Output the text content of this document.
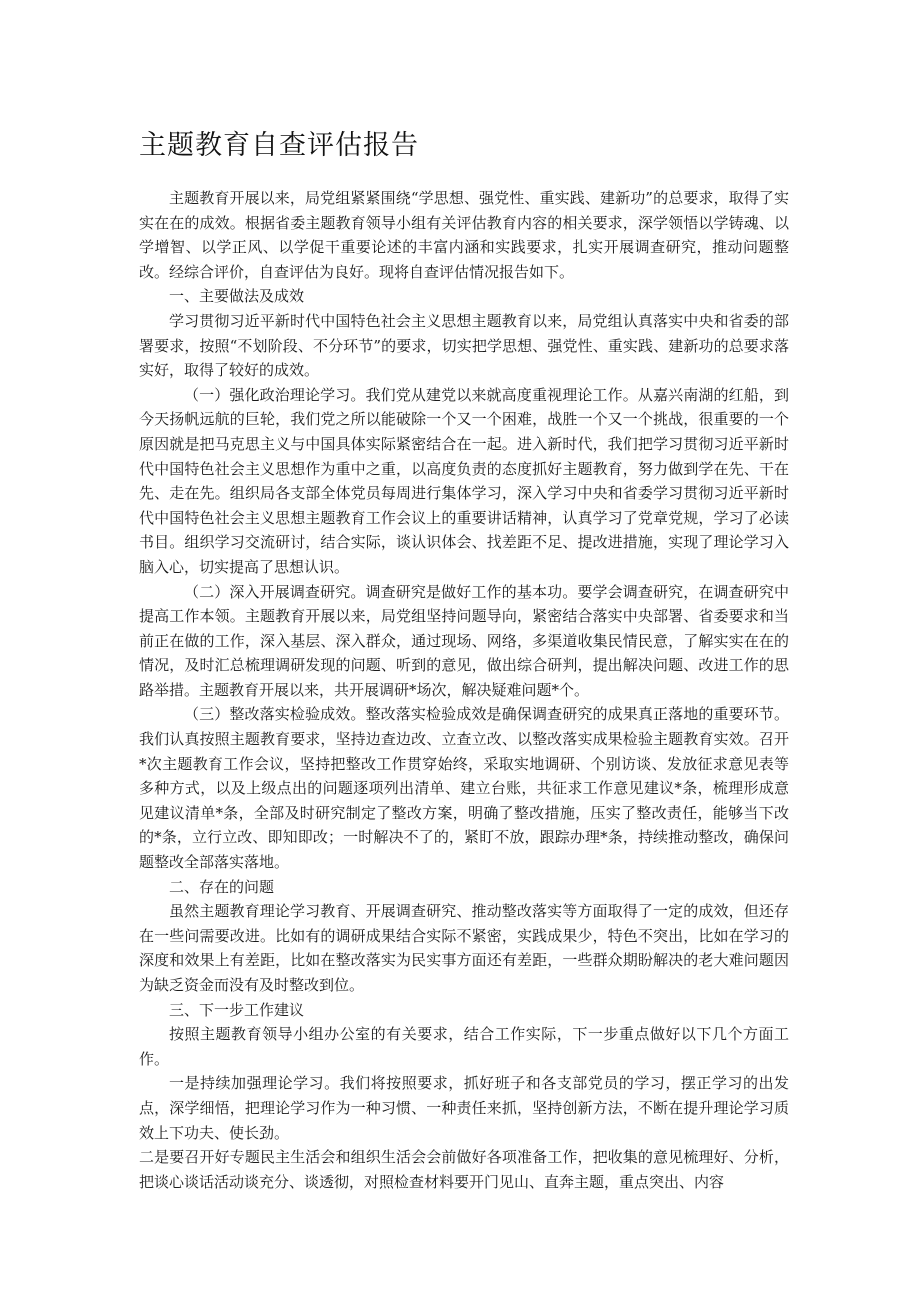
主题教育自查评估报告

主题教育开展以来，局党组紧紧围绕“学思想、强党性、重实践、建新功”的总要求，取得了实实在在的成效。根据省委主题教育领导小组有关评估教育内容的相关要求，深学领悟以学铸魂、以学增智、以学正风、以学促干重要论述的丰富内涵和实践要求，扎实开展调查研究，推动问题整改。经综合评价，自查评估为良好。现将自查评估情况报告如下。

一、主要做法及成效

学习贯彻习近平新时代中国特色社会主义思想主题教育以来，局党组认真落实中央和省委的部署要求，按照“不划阶段、不分环节”的要求，切实把学思想、强党性、重实践、建新功的总要求落实好，取得了较好的成效。

（一）强化政治理论学习。我们党从建党以来就高度重视理论工作。从嘉兴南湖的红船，到今天扬帆远航的巨轮，我们党之所以能破除一个又一个困难，战胜一个又一个挑战，很重要的一个原因就是把马克思主义与中国具体实际紧密结合在一起。进入新时代，我们把学习贯彻习近平新时代中国特色社会主义思想作为重中之重，以高度负责的态度抓好主题教育，努力做到学在先、干在先、走在先。组织局各支部全体党员每周进行集体学习，深入学习中央和省委学习贯彻习近平新时代中国特色社会主义思想主题教育工作会议上的重要讲话精神，认真学习了党章党规，学习了必读书目。组织学习交流研讨，结合实际，谈认识体会、找差距不足、提改进措施，实现了理论学习入脑入心，切实提高了思想认识。

（二）深入开展调查研究。调查研究是做好工作的基本功。要学会调查研究，在调查研究中提高工作本领。主题教育开展以来，局党组坚持问题导向，紧密结合落实中央部署、省委要求和当前正在做的工作，深入基层、深入群众，通过现场、网络，多渠道收集民情民意，了解实实在在的情况，及时汇总梳理调研发现的问题、听到的意见，做出综合研判，提出解决问题、改进工作的思路举措。主题教育开展以来，共开展调研*场次，解决疑难问题*个。

（三）整改落实检验成效。整改落实检验成效是确保调查研究的成果真正落地的重要环节。我们认真按照主题教育要求，坚持边查边改、立查立改、以整改落实成果检验主题教育实效。召开*次主题教育工作会议，坚持把整改工作贯穿始终，采取实地调研、个别访谈、发放征求意见表等多种方式，以及上级点出的问题逐项列出清单、建立台账，共征求工作意见建议*条，梳理形成意见建议清单*条，全部及时研究制定了整改方案，明确了整改措施，压实了整改责任，能够当下改的*条，立行立改、即知即改；一时解决不了的，紧盯不放，跟踪办理*条，持续推动整改，确保问题整改全部落实落地。

二、存在的问题

虽然主题教育理论学习教育、开展调查研究、推动整改落实等方面取得了一定的成效，但还存在一些问需要改进。比如有的调研成果结合实际不紧密，实践成果少，特色不突出，比如在学习的深度和效果上有差距，比如在整改落实为民实事方面还有差距，一些群众期盼解决的老大难问题因为缺乏资金而没有及时整改到位。

三、下一步工作建议

按照主题教育领导小组办公室的有关要求，结合工作实际，下一步重点做好以下几个方面工作。

一是持续加强理论学习。我们将按照要求，抓好班子和各支部党员的学习，摆正学习的出发点，深学细悟，把理论学习作为一种习惯、一种责任来抓，坚持创新方法，不断在提升理论学习质效上下功夫、使长劲。

二是要召开好专题民主生活会和组织生活会会前做好各项准备工作，把收集的意见梳理好、分析，把谈心谈话活动谈充分、谈透彻，对照检查材料要开门见山、直奔主题，重点突出、内容
